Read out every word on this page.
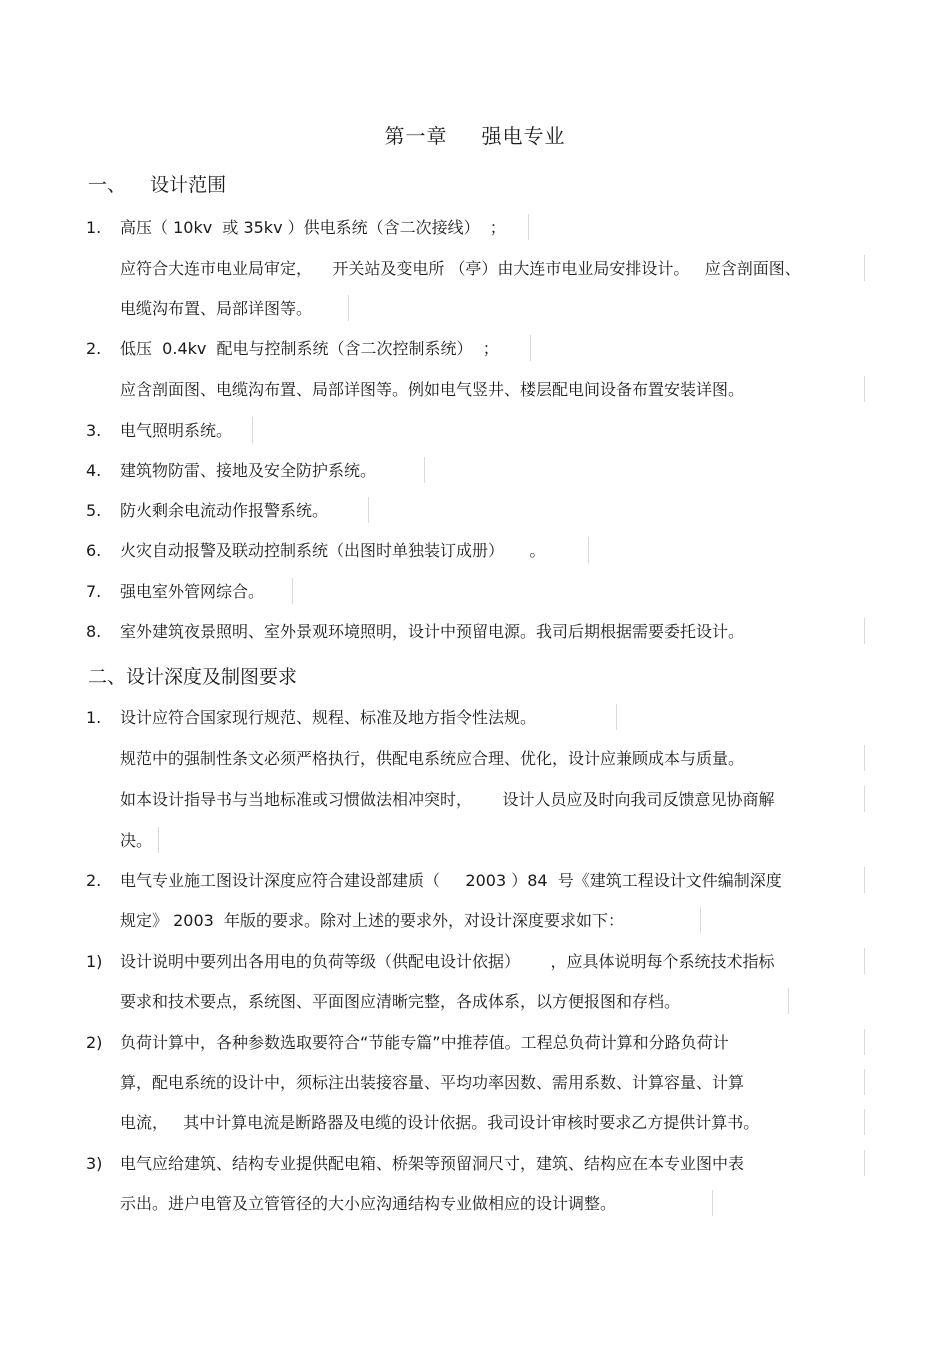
第一章 强电专业
一、    设计范围
1.	高压（ 10kv  或 35kv ）供电系统（含二次接线）  ；
应符合大连市电业局审定，    开关站及变电所 （亭）由大连市电业局安排设计。   应含剖面图、
电缆沟布置、局部详图等。
2.	低压  0.4kv  配电与控制系统（含二次控制系统）  ；
应含剖面图、电缆沟布置、局部详图等。例如电气竖井、楼层配电间设备布置安装详图。
3.	电气照明系统。
4.	建筑物防雷、接地及安全防护系统。
5.	防火剩余电流动作报警系统。
6.	火灾自动报警及联动控制系统（出图时单独装订成册）     。
7.	强电室外管网综合。
8.	室外建筑夜景照明、室外景观环境照明，设计中预留电源。我司后期根据需要委托设计。
二、设计深度及制图要求
1.	设计应符合国家现行规范、规程、标准及地方指令性法规。
规范中的强制性条文必须严格执行，供配电系统应合理、优化，设计应兼顾成本与质量。
如本设计指导书与当地标准或习惯做法相冲突时，      设计人员应及时向我司反馈意见协商解
决。
2.	电气专业施工图设计深度应符合建设部建质（     2003 ）84  号《建筑工程设计文件编制深度
规定》 2003  年版的要求。除对上述的要求外，对设计深度要求如下：
1)	设计说明中要列出各用电的负荷等级（供配电设计依据）      ，应具体说明每个系统技术指标
要求和技术要点，系统图、平面图应清晰完整，各成体系，以方便报图和存档。
2)	负荷计算中，各种参数选取要符合“节能专篇”中推荐值。工程总负荷计算和分路负荷计
算，配电系统的设计中，须标注出装接容量、平均功率因数、需用系数、计算容量、计算
电流，   其中计算电流是断路器及电缆的设计依据。我司设计审核时要求乙方提供计算书。
3)	电气应给建筑、结构专业提供配电箱、桥架等预留洞尺寸，建筑、结构应在本专业图中表
示出。进户电管及立管管径的大小应沟通结构专业做相应的设计调整。
